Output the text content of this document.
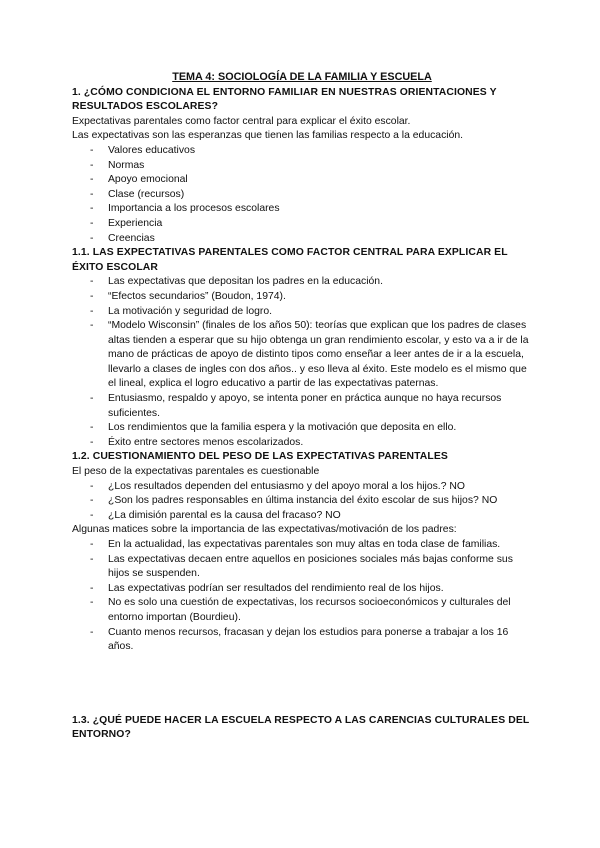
TEMA 4: SOCIOLOGÍA DE LA FAMILIA Y ESCUELA

1. ¿CÓMO CONDICIONA EL ENTORNO FAMILIAR EN NUESTRAS ORIENTACIONES Y RESULTADOS ESCOLARES?

Expectativas parentales como factor central para explicar el éxito escolar.

Las expectativas son las esperanzas que tienen las familias respecto a la educación.

- Valores educativos
- Normas
- Apoyo emocional
- Clase (recursos)
- Importancia a los procesos escolares
- Experiencia
- Creencias

1.1. LAS EXPECTATIVAS PARENTALES COMO FACTOR CENTRAL PARA EXPLICAR EL ÉXITO ESCOLAR

- Las expectativas que depositan los padres en la educación.
- “Efectos secundarios” (Boudon, 1974).
- La motivación y seguridad de logro.
- “Modelo Wisconsin” (finales de los años 50): teorías que explican que los padres de clases altas tienden a esperar que su hijo obtenga un gran rendimiento escolar, y esto va a ir de la mano de prácticas de apoyo de distinto tipos como enseñar a leer antes de ir a la escuela, llevarlo a clases de ingles con dos años.. y eso lleva al éxito. Este modelo es el mismo que el lineal, explica el logro educativo a partir de las expectativas paternas.
- Entusiasmo, respaldo y apoyo, se intenta poner en práctica aunque no haya recursos suficientes.
- Los rendimientos que la familia espera y la motivación que deposita en ello.
- Éxito entre sectores menos escolarizados.

1.2. CUESTIONAMIENTO DEL PESO DE LAS EXPECTATIVAS PARENTALES

El peso de la expectativas parentales es cuestionable

- ¿Los resultados dependen del entusiasmo y del apoyo moral a los hijos.? NO
- ¿Son los padres responsables en última instancia del éxito escolar de sus hijos? NO
- ¿La dimisión parental es la causa del fracaso? NO

Algunas matices sobre la importancia de las expectativas/motivación de los padres:

- En la actualidad, las expectativas parentales son muy altas en toda clase de familias.
- Las expectativas decaen entre aquellos en posiciones sociales más bajas conforme sus hijos se suspenden.
- Las expectativas podrían ser resultados del rendimiento real de los hijos.
- No es solo una cuestión de expectativas, los recursos socioeconómicos y culturales del entorno importan (Bourdieu).
- Cuanto menos recursos, fracasan y dejan los estudios para ponerse a trabajar a los 16 años.

1.3. ¿QUÉ PUEDE HACER LA ESCUELA RESPECTO A LAS CARENCIAS CULTURALES DEL ENTORNO?
